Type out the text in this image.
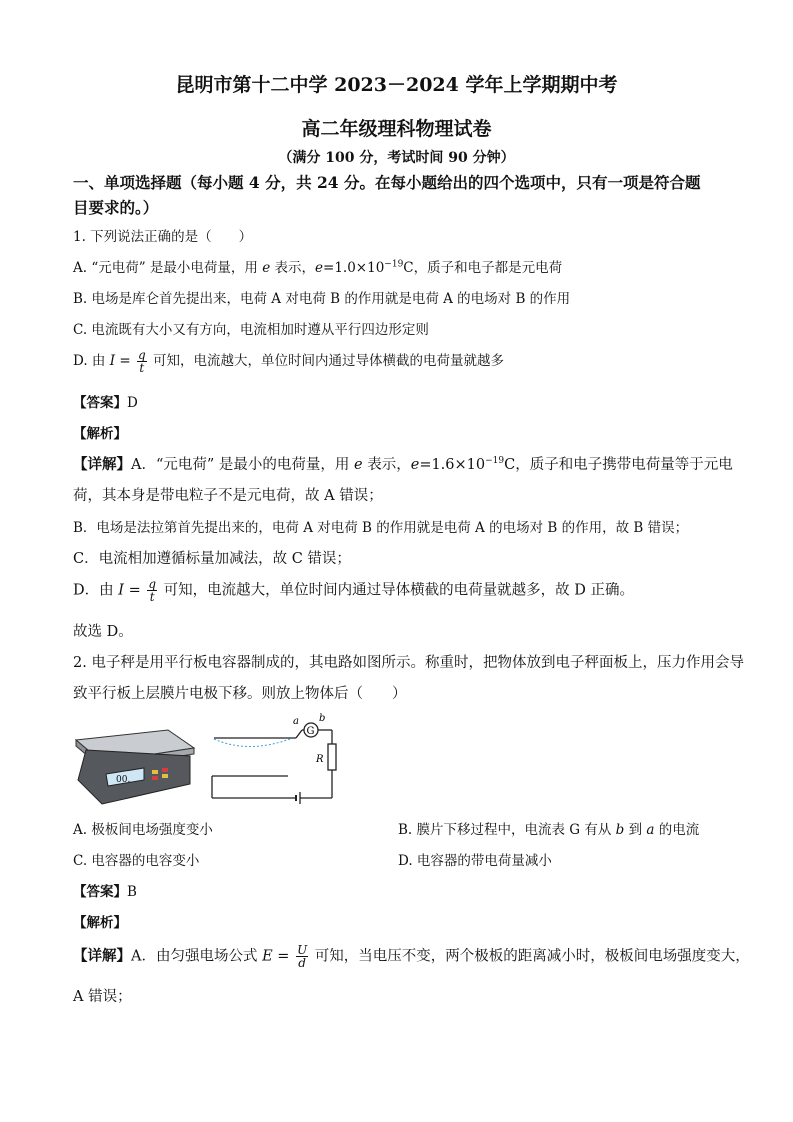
昆明市第十二中学 2023－2024 学年上学期期中考
高二年级理科物理试卷
（满分 100 分，考试时间 90 分钟）
一、单项选择题（每小题 4 分，共 24 分。在每小题给出的四个选项中，只有一项是符合题
目要求的。）
1. 下列说法正确的是（　　）
A. “元电荷” 是最小电荷量，用 e 表示，$e=1.0\times 10^{-19}C$，质子和电子都是元电荷
B. 电场是库仑首先提出来，电荷 A 对电荷 B 的作用就是电荷 A 的电场对 B 的作用
C. 电流既有大小又有方向，电流相加时遵从平行四边形定则
D. 由 $I = \frac{q}{t}$ 可知，电流越大，单位时间内通过导体横截的电荷量就越多
【答案】D
【解析】
【详解】A．“元电荷” 是最小的电荷量，用 e 表示，$e=1.6\times 10^{-19}C$，质子和电子携带电荷量等于元电
荷，其本身是带电粒子不是元电荷，故 A 错误；
B．电场是法拉第首先提出来的，电荷 A 对电荷 B 的作用就是电荷 A 的电场对 B 的作用，故 B 错误；
C．电流相加遵循标量加减法，故 C 错误；
D．由 $I = \frac{q}{t}$ 可知，电流越大，单位时间内通过导体横截的电荷量就越多，故 D 正确。
故选 D。
2. 电子秤是用平行板电容器制成的，其电路如图所示。称重时，把物体放到电子秤面板上，压力作用会导
致平行板上层膜片电极下移。则放上物体后（　　）
00.
G
a b
R
A. 极板间电场强度变小	B. 膜片下移过程中，电流表 G 有从 b 到 a 的电流
C. 电容器的电容变小	D. 电容器的带电荷量减小
【答案】B
【解析】
【详解】A．由匀强电场公式 $E = \frac{U}{d}$ 可知，当电压不变，两个极板的距离减小时，极板间电场强度变大，
A 错误；
